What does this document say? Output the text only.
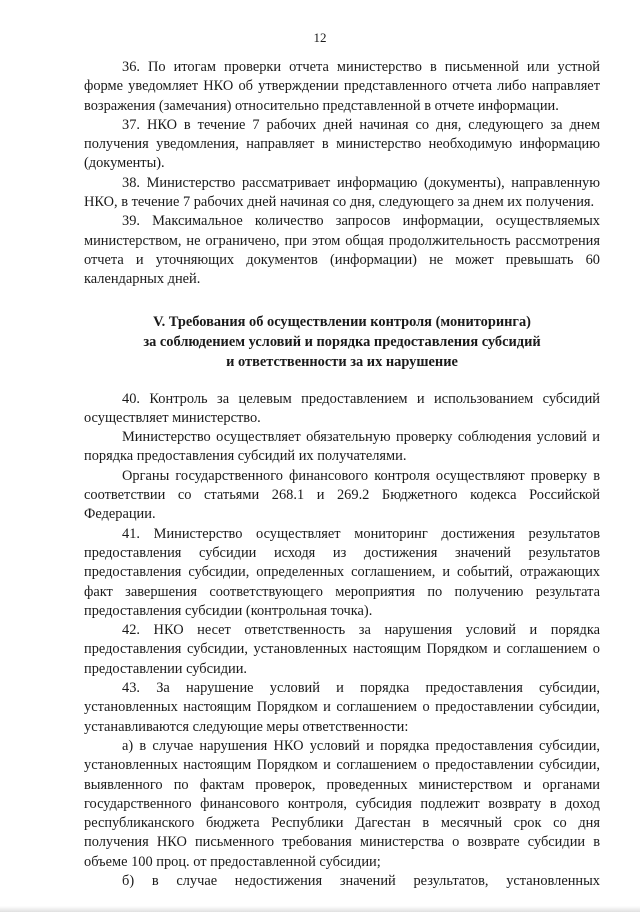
12

36. По итогам проверки отчета министерство в письменной или устной форме уведомляет НКО об утверждении представленного отчета либо направляет возражения (замечания) относительно представленной в отчете информации.

37. НКО в течение 7 рабочих дней начиная со дня, следующего за днем получения уведомления, направляет в министерство необходимую информацию (документы).

38. Министерство рассматривает информацию (документы), направленную НКО, в течение 7 рабочих дней начиная со дня, следующего за днем их получения.

39. Максимальное количество запросов информации, осуществляемых министерством, не ограничено, при этом общая продолжительность рассмотрения отчета и уточняющих документов (информации) не может превышать 60 календарных дней.

V. Требования об осуществлении контроля (мониторинга)
за соблюдением условий и порядка предоставления субсидий
и ответственности за их нарушение

40. Контроль за целевым предоставлением и использованием субсидий осуществляет министерство.

Министерство осуществляет обязательную проверку соблюдения условий и порядка предоставления субсидий их получателями.

Органы государственного финансового контроля осуществляют проверку в соответствии со статьями 268.1 и 269.2 Бюджетного кодекса Российской Федерации.

41. Министерство осуществляет мониторинг достижения результатов предоставления субсидии исходя из достижения значений результатов предоставления субсидии, определенных соглашением, и событий, отражающих факт завершения соответствующего мероприятия по получению результата предоставления субсидии (контрольная точка).

42. НКО несет ответственность за нарушения условий и порядка предоставления субсидии, установленных настоящим Порядком и соглашением о предоставлении субсидии.

43. За нарушение условий и порядка предоставления субсидии, установленных настоящим Порядком и соглашением о предоставлении субсидии, устанавливаются следующие меры ответственности:

а) в случае нарушения НКО условий и порядка предоставления субсидии, установленных настоящим Порядком и соглашением о предоставлении субсидии, выявленного по фактам проверок, проведенных министерством и органами государственного финансового контроля, субсидия подлежит возврату в доход республиканского бюджета Республики Дагестан в месячный срок со дня получения НКО письменного требования министерства о возврате субсидии в объеме 100 проц. от предоставленной субсидии;

б) в случае недостижения значений результатов, установленных
